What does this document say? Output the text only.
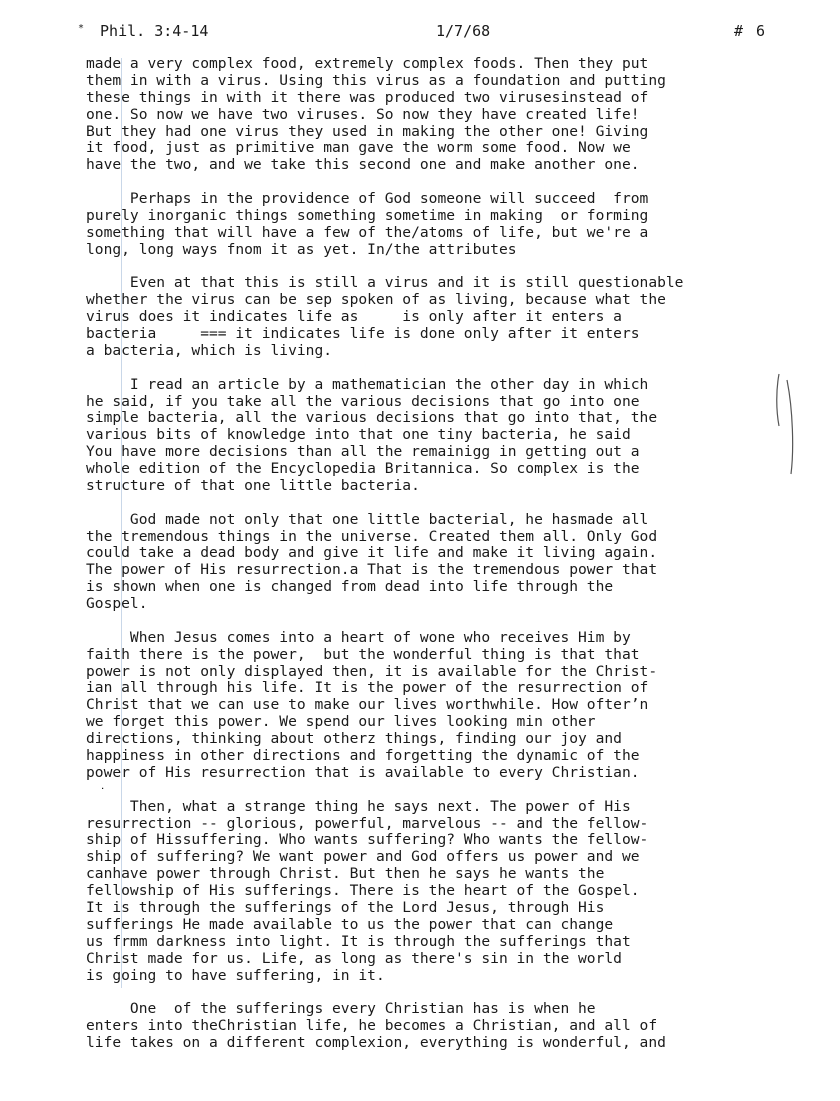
* Phil. 3:4-14	1/7/68	# 6
˙
made a very complex food, extremely complex foods. Then they put
them in with a virus. Using this virus as a foundation and putting
these things in with it there was produced two virusesinstead of
one. So now we have two viruses. So now they have created life!
But they had one virus they used in making the other one! Giving
it food, just as primitive man gave the worm some food. Now we
have the two, and we take this second one and make another one.
Perhaps in the providence of God someone will succeed  from
purely inorganic things something sometime in making  or forming
something that will have a few of the/atoms of life, but we're a
long, long ways fnom it as yet. In/the attributes
Even at that this is still a virus and it is still questionable
whether the virus can be sep spoken of as living, because what the
virus does it indicates life as     is only after it enters a
bacteria     === it indicates life is done only after it enters
a bacteria, which is living.
I read an article by a mathematician the other day in which
he said, if you take all the various decisions that go into one
simple bacteria, all the various decisions that go into that, the
various bits of knowledge into that one tiny bacteria, he said
You have more decisions than all the remainigg in getting out a
whole edition of the Encyclopedia Britannica. So complex is the
structure of that one little bacteria.
God made not only that one little bacterial, he hasmade all
the tremendous things in the universe. Created them all. Only God
could take a dead body and give it life and make it living again.
The power of His resurrection.a That is the tremendous power that
is shown when one is changed from dead into life through the
Gospel.
When Jesus comes into a heart of wone who receives Him by
faith there is the power,  but the wonderful thing is that that
power is not only displayed then, it is available for the Christ-
ian all through his life. It is the power of the resurrection of
Christ that we can use to make our lives worthwhile. How ofter’n
we forget this power. We spend our lives looking min other
directions, thinking about otherz things, finding our joy and
happiness in other directions and forgetting the dynamic of the
power of His resurrection that is available to every Christian.
Then, what a strange thing he says next. The power of His
resurrection -- glorious, powerful, marvelous -- and the fellow-
ship of Hissuffering. Who wants suffering? Who wants the fellow-
ship of suffering? We want power and God offers us power and we
canhave power through Christ. But then he says he wants the
fellowship of His sufferings. There is the heart of the Gospel.
It is through the sufferings of the Lord Jesus, through His
sufferings He made available to us the power that can change
us frmm darkness into light. It is through the sufferings that
Christ made for us. Life, as long as there's sin in the world
is going to have suffering, in it.
One  of the sufferings every Christian has is when he
enters into theChristian life, he becomes a Christian, and all of
life takes on a different complexion, everything is wonderful, and
